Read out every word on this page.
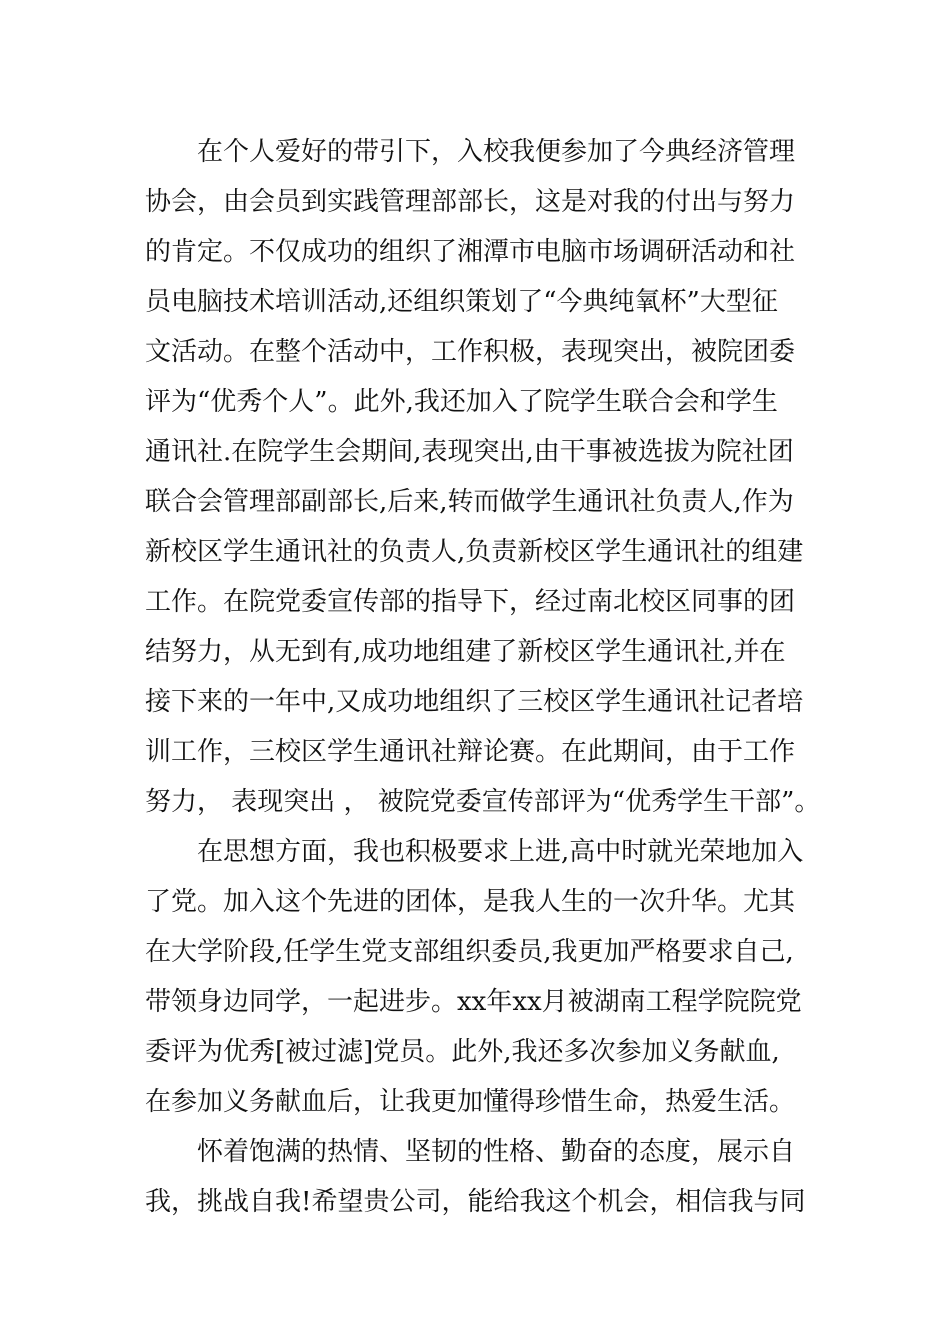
在个人爱好的带引下，入校我便参加了今典经济管理
协会，由会员到实践管理部部长，这是对我的付出与努力
的肯定。不仅成功的组织了湘潭市电脑市场调研活动和社
员电脑技术培训活动,还组织策划了“今典纯氧杯”大型征
文活动。在整个活动中，工作积极，表现突出，被院团委
评为“优秀个人”。此外,我还加入了院学生联合会和学生
通讯社.在院学生会期间,表现突出,由干事被选拔为院社团
联合会管理部副部长,后来,转而做学生通讯社负责人,作为
新校区学生通讯社的负责人,负责新校区学生通讯社的组建
工作。在院党委宣传部的指导下，经过南北校区同事的团
结努力，从无到有,成功地组建了新校区学生通讯社,并在
接下来的一年中,又成功地组织了三校区学生通讯社记者培
训工作，三校区学生通讯社辩论赛。在此期间，由于工作
努力， 表现突出 ， 被院党委宣传部评为“优秀学生干部”。
在思想方面，我也积极要求上进,高中时就光荣地加入
了党。加入这个先进的团体，是我人生的一次升华。尤其
在大学阶段,任学生党支部组织委员,我更加严格要求自己,
带领身边同学，一起进步。xx年xx月被湖南工程学院院党
委评为优秀[被过滤]党员。此外,我还多次参加义务献血,
在参加义务献血后，让我更加懂得珍惜生命，热爱生活。
怀着饱满的热情、坚韧的性格、勤奋的态度，展示自
我，挑战自我!希望贵公司，能给我这个机会，相信我与同
